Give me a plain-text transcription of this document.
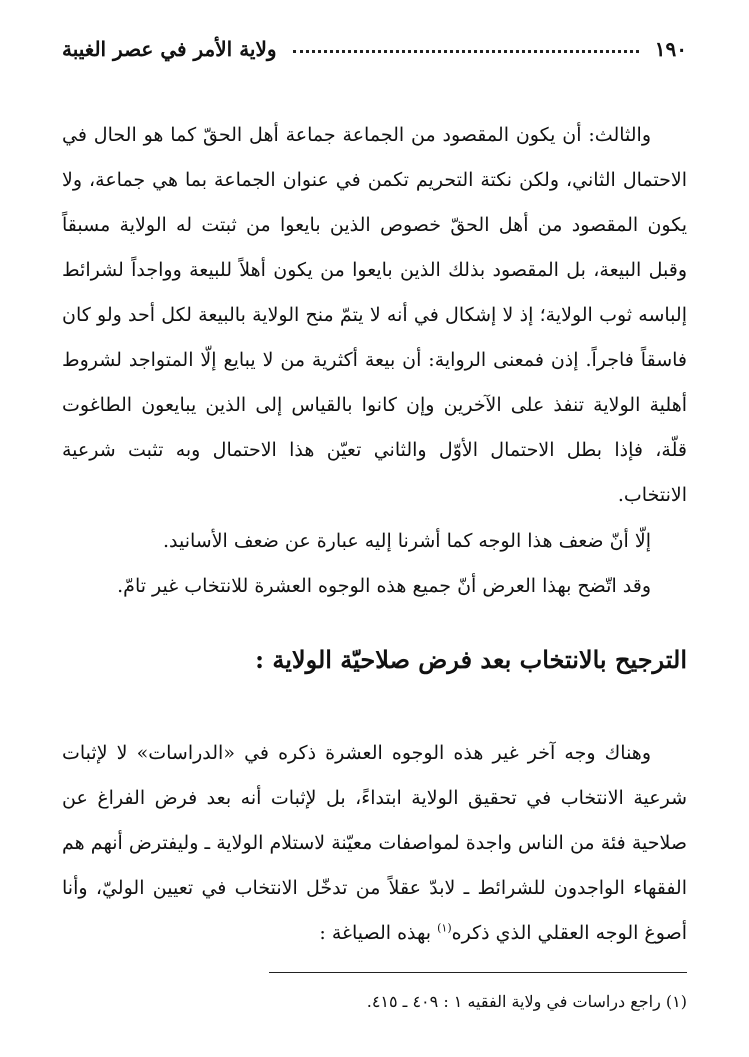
١٩٠
ولاية الأمر في عصر الغيبة

والثالث: أن يكون المقصود من الجماعة جماعة أهل الحقّ كما هو الحال في الاحتمال الثاني، ولكن نكتة التحريم تكمن في عنوان الجماعة بما هي جماعة، ولا يكون المقصود من أهل الحقّ خصوص الذين بايعوا من ثبتت له الولاية مسبقاً وقبل البيعة، بل المقصود بذلك الذين بايعوا من يكون أهلاً للبيعة وواجداً لشرائط إلباسه ثوب الولاية؛ إذ لا إشكال في أنه لا يتمّ منح الولاية بالبيعة لكل أحد ولو كان فاسقاً فاجراً. إذن فمعنى الرواية: أن بيعة أكثرية من لا يبايع إلّا المتواجد لشروط أهلية الولاية تنفذ على الآخرين وإن كانوا بالقياس إلى الذين يبايعون الطاغوت قلّة، فإذا بطل الاحتمال الأوّل والثاني تعيّن هذا الاحتمال وبه تثبت شرعية الانتخاب.

إلّا أنّ ضعف هذا الوجه كما أشرنا إليه عبارة عن ضعف الأسانيد.

وقد اتّضح بهذا العرض أنّ جميع هذه الوجوه العشرة للانتخاب غير تامّ.

الترجيح بالانتخاب بعد فرض صلاحيّة الولاية :

وهناك وجه آخر غير هذه الوجوه العشرة ذكره في «الدراسات» لا لإثبات شرعية الانتخاب في تحقيق الولاية ابتداءً، بل لإثبات أنه بعد فرض الفراغ عن صلاحية فئة من الناس واجدة لمواصفات معيّنة لاستلام الولاية ـ وليفترض أنهم هم الفقهاء الواجدون للشرائط ـ لابدّ عقلاً من تدخّل الانتخاب في تعيين الوليّ، وأنا أصوغ الوجه العقلي الذي ذكره$^{(١)}$ بهذه الصياغة :

(١) راجع دراسات في ولاية الفقيه ١ : ٤٠٩ ـ ٤١٥.
